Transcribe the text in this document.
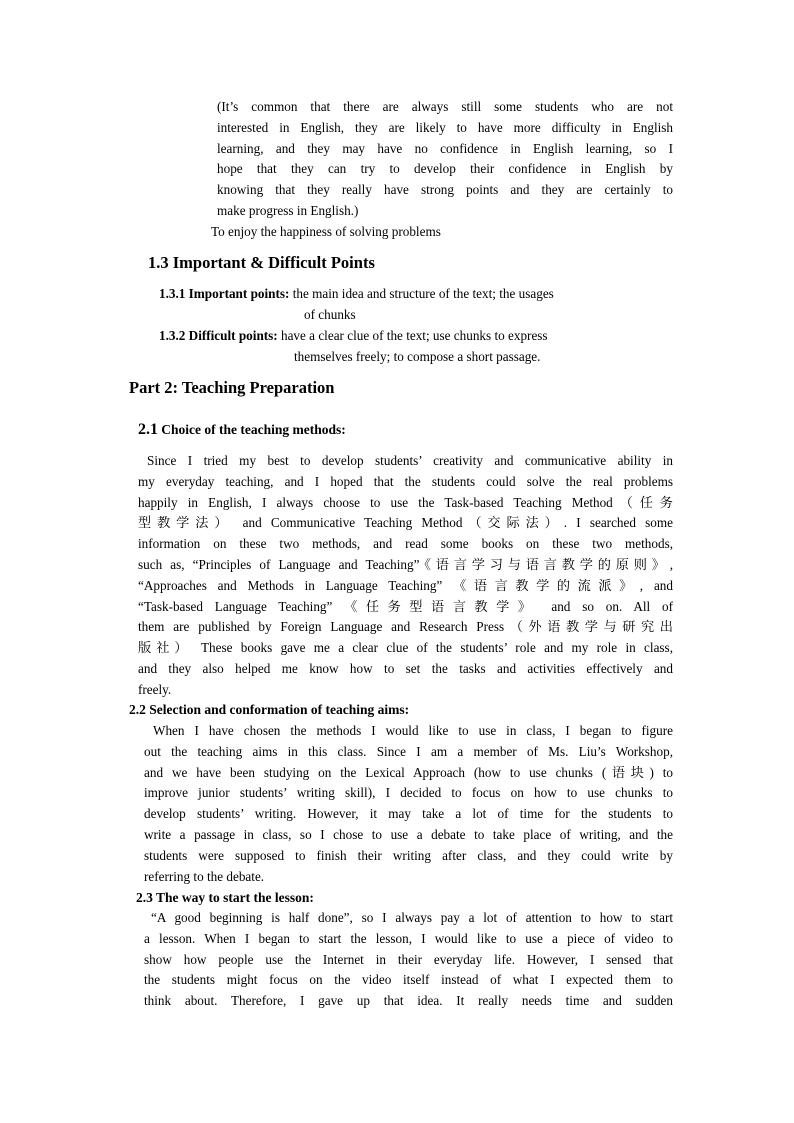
(It’s common that there are always still some students who are not
interested in English, they are likely to have more difficulty in English
learning, and they may have no confidence in English learning, so I
hope that they can try to develop their confidence in English by
knowing that they really have strong points and they are certainly to
make progress in English.)
To enjoy the happiness of solving problems
1.3 Important & Difficult Points
1.3.1 Important points: the main idea and structure of the text; the usages
of chunks
1.3.2 Difficult points: have a clear clue of the text; use chunks to express
themselves freely; to compose a short passage.
Part 2: Teaching Preparation
2.1 Choice of the teaching methods:
Since I tried my best to develop students’ creativity and communicative ability in
my everyday teaching, and I hoped that the students could solve the real problems
happily in English, I always choose to use the Task-based Teaching Method（任务
型教学法） and Communicative Teaching Method（交际法）. I searched some
information on these two methods, and read some books on these two methods,
such as, “Principles of Language and Teaching”《语言学习与语言教学的原则》,
“Approaches and Methods in Language Teaching” 《语言教学的流派》, and
“Task-based Language Teaching” 《任务型语言教学》 and so on. All of
them are published by Foreign Language and Research Press（外语教学与研究出
版社） These books gave me a clear clue of the students’ role and my role in class,
and they also helped me know how to set the tasks and activities effectively and
freely.
2.2 Selection and conformation of teaching aims:
When I have chosen the methods I would like to use in class, I began to figure
out the teaching aims in this class. Since I am a member of Ms. Liu’s Workshop,
and we have been studying on the Lexical Approach (how to use chunks (语块) to
improve junior students’ writing skill), I decided to focus on how to use chunks to
develop students’ writing. However, it may take a lot of time for the students to
write a passage in class, so I chose to use a debate to take place of writing, and the
students were supposed to finish their writing after class, and they could write by
referring to the debate.
2.3 The way to start the lesson:
“A good beginning is half done”, so I always pay a lot of attention to how to start
a lesson. When I began to start the lesson, I would like to use a piece of video to
show how people use the Internet in their everyday life. However, I sensed that
the students might focus on the video itself instead of what I expected them to
think about. Therefore, I gave up that idea. It really needs time and sudden
